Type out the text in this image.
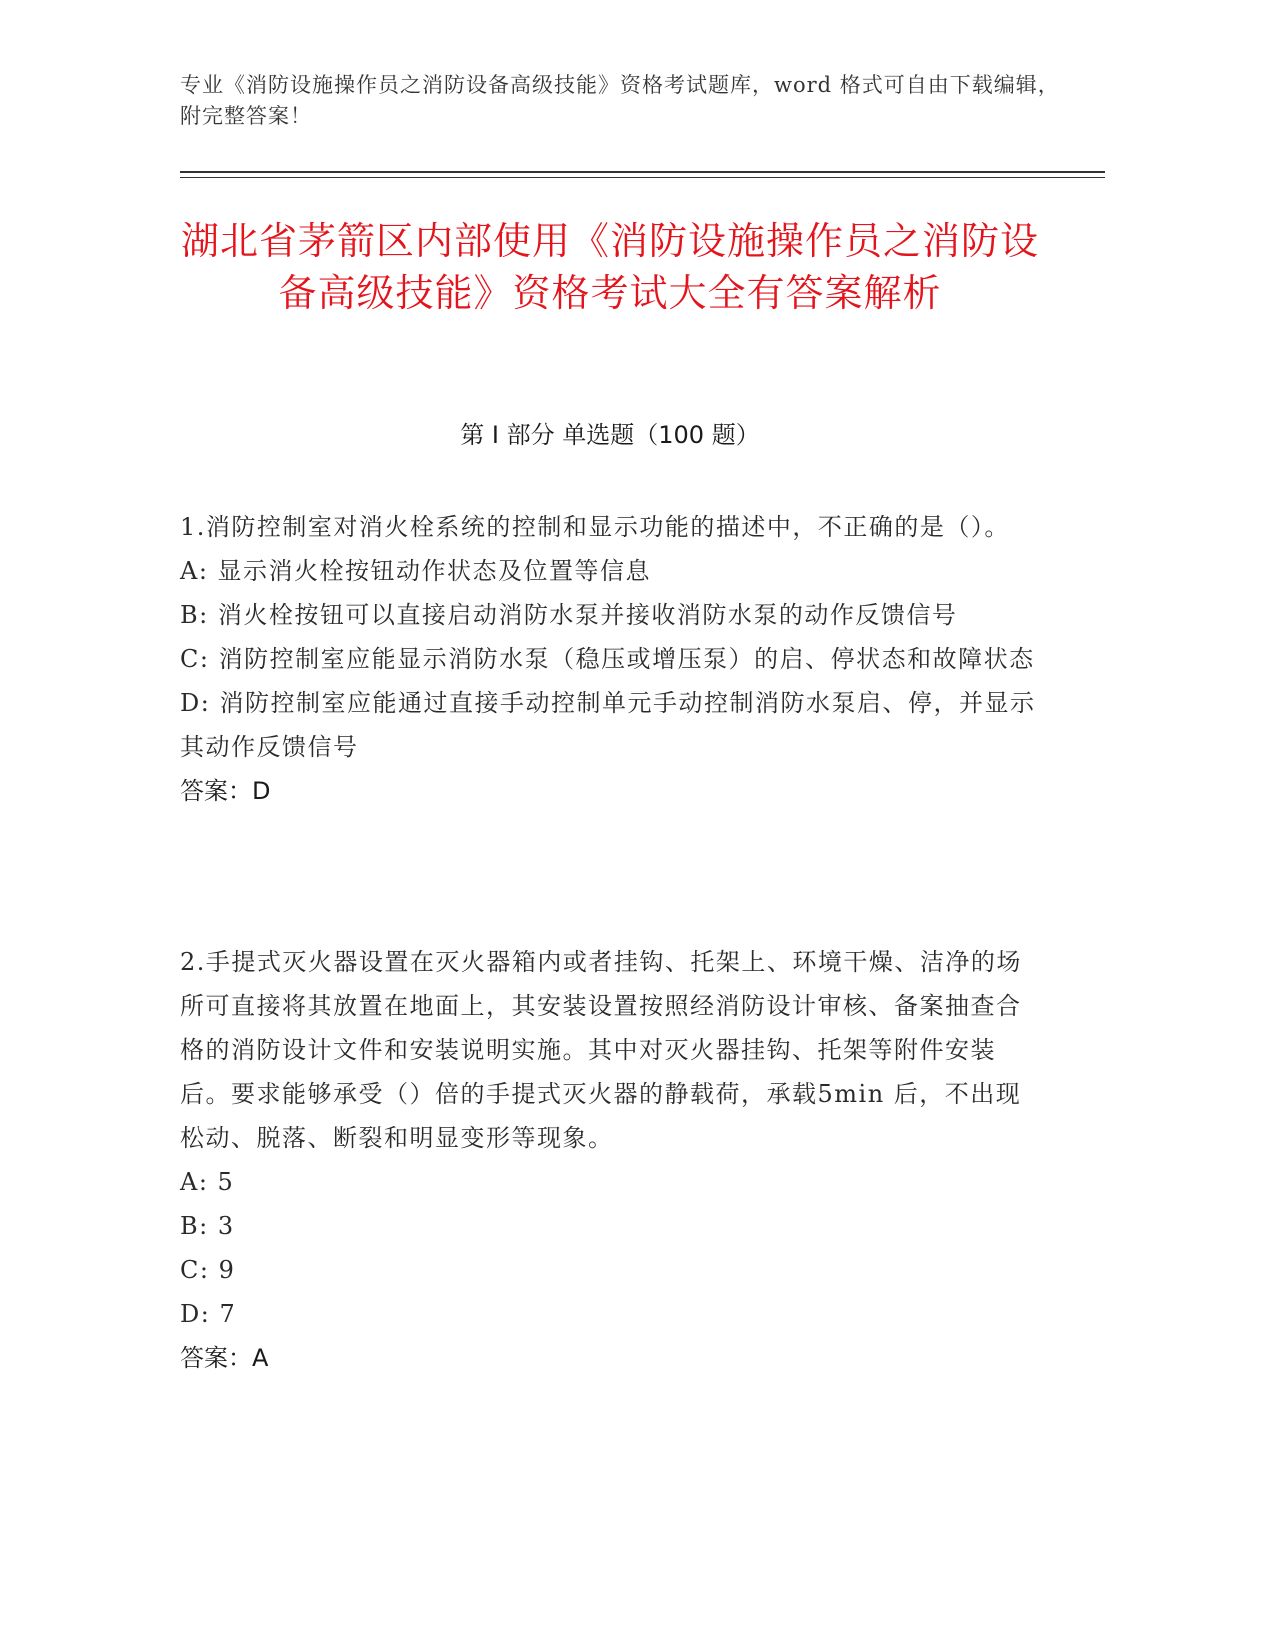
专业《消防设施操作员之消防设备高级技能》资格考试题库，word 格式可自由下载编辑，附完整答案！
湖北省茅箭区内部使用《消防设施操作员之消防设备高级技能》资格考试大全有答案解析
第 I 部分 单选题（100 题）
1.消防控制室对消火栓系统的控制和显示功能的描述中，不正确的是（）。
A: 显示消火栓按钮动作状态及位置等信息
B: 消火栓按钮可以直接启动消防水泵并接收消防水泵的动作反馈信号
C: 消防控制室应能显示消防水泵（稳压或增压泵）的启、停状态和故障状态
D: 消防控制室应能通过直接手动控制单元手动控制消防水泵启、停，并显示其动作反馈信号
答案：D
2.手提式灭火器设置在灭火器箱内或者挂钩、托架上、环境干燥、洁净的场所可直接将其放置在地面上，其安装设置按照经消防设计审核、备案抽查合格的消防设计文件和安装说明实施。其中对灭火器挂钩、托架等附件安装后。要求能够承受（）倍的手提式灭火器的静载荷，承载5min 后，不出现松动、脱落、断裂和明显变形等现象。
A: 5
B: 3
C: 9
D: 7
答案：A
